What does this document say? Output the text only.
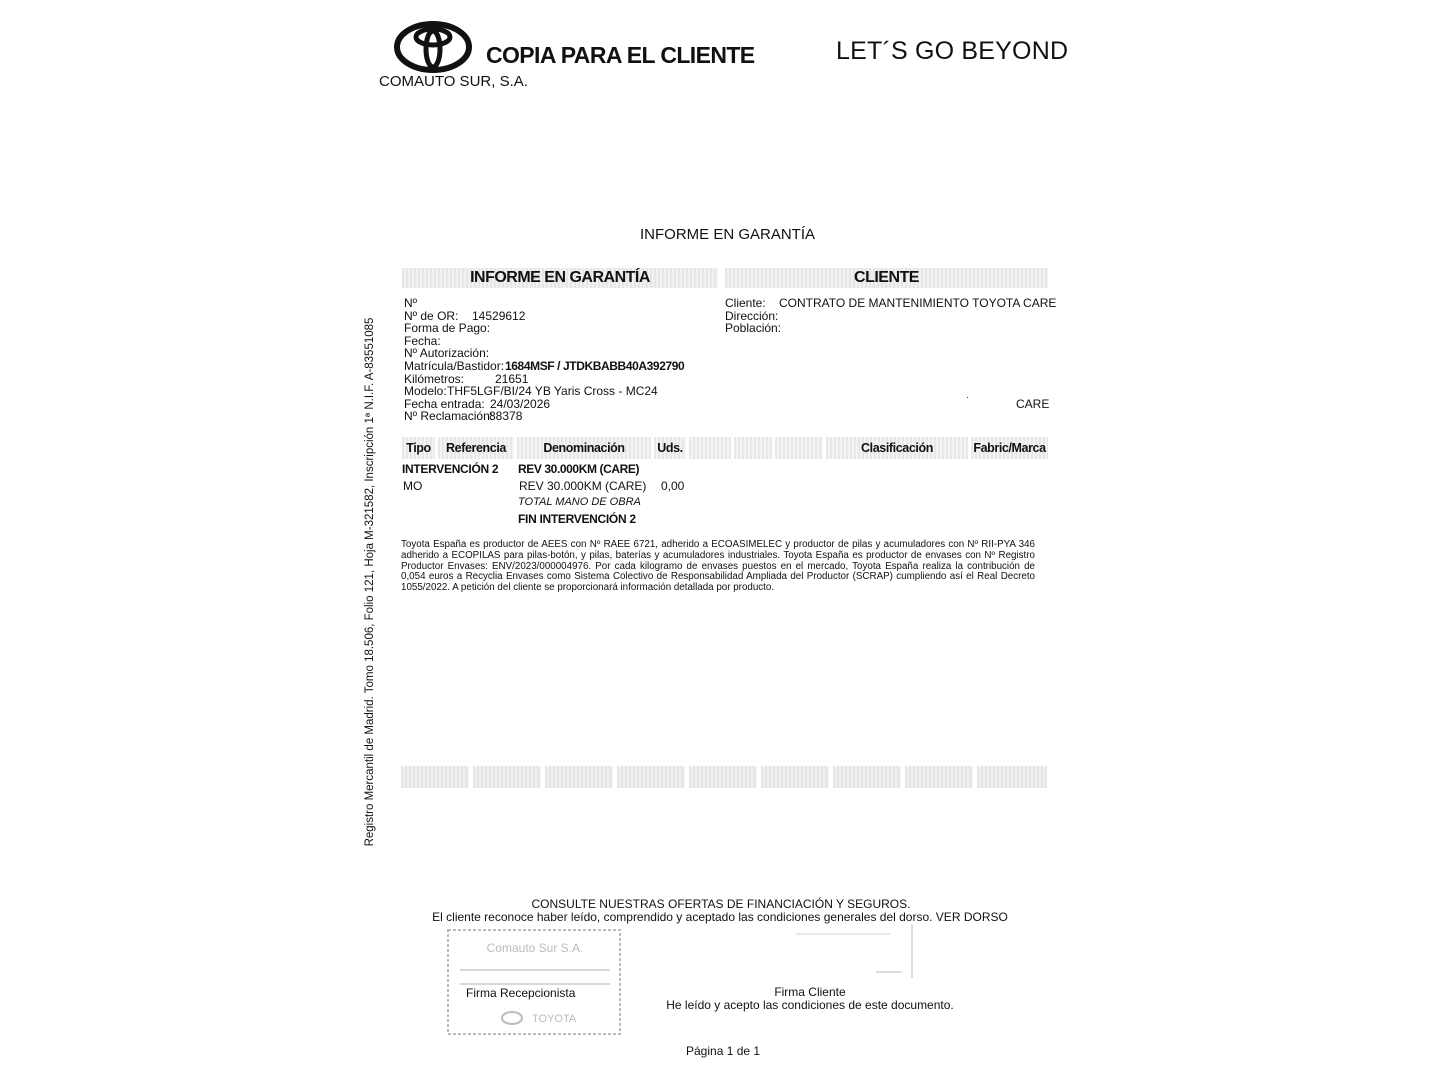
COPIA PARA EL CLIENTE
COMAUTO SUR, S.A.
LET´S GO BEYOND
INFORME EN GARANTÍA
INFORME EN GARANTÍA	CLIENTE
Nº
Nº de OR: 14529612
Forma de Pago:
Fecha:
Nº Autorización:
Matrícula/Bastidor: 1684MSF / JTDKBABB40A392790
Kilómetros:	21651
Modelo: THF5LGF/BI/24 YB Yaris Cross - MC24
Fecha entrada: 24/03/2026
Nº Reclamación:
88378
Cliente: CONTRATO DE MANTENIMIENTO TOYOTA CARE
Dirección:
Población:
·	CARE
Tipo	Referencia	Denominación	Uds.	Clasificación	Fabric/Marca
INTERVENCIÓN 2 REV 30.000KM (CARE)
MO	REV 30.000KM (CARE) 0,00
TOTAL MANO DE OBRA
FIN INTERVENCIÓN 2
Toyota España es productor de AEES con Nº RAEE 6721, adherido a ECOASIMELEC y productor de pilas y acumuladores con Nº RII-PYA 346 adherido a ECOPILAS para pilas-botón, y pilas, baterías y acumuladores industriales. Toyota España es productor de envases con Nº Registro Productor Envases: ENV/2023/000004976. Por cada kilogramo de envases puestos en el mercado, Toyota España realiza la contribución de 0,054 euros a Recyclia Envases como Sistema Colectivo de Responsabilidad Ampliada del Productor (SCRAP) cumpliendo así el Real Decreto 1055/2022. A petición del cliente se proporcionará información detallada por producto.
Registro Mercantil de Madrid. Tomo 18.506, Folio 121, Hoja M-321582, Inscripción 1ª N.I.F. A-83551085
CONSULTE NUESTRAS OFERTAS DE FINANCIACIÓN Y SEGUROS.
El cliente reconoce haber leído, comprendido y aceptado las condiciones generales del dorso. VER DORSO
Comauto Sur S.A.
TOYOTA
Firma Recepcionista	Firma Cliente
He leído y acepto las condiciones de este documento.
Página 1 de 1
